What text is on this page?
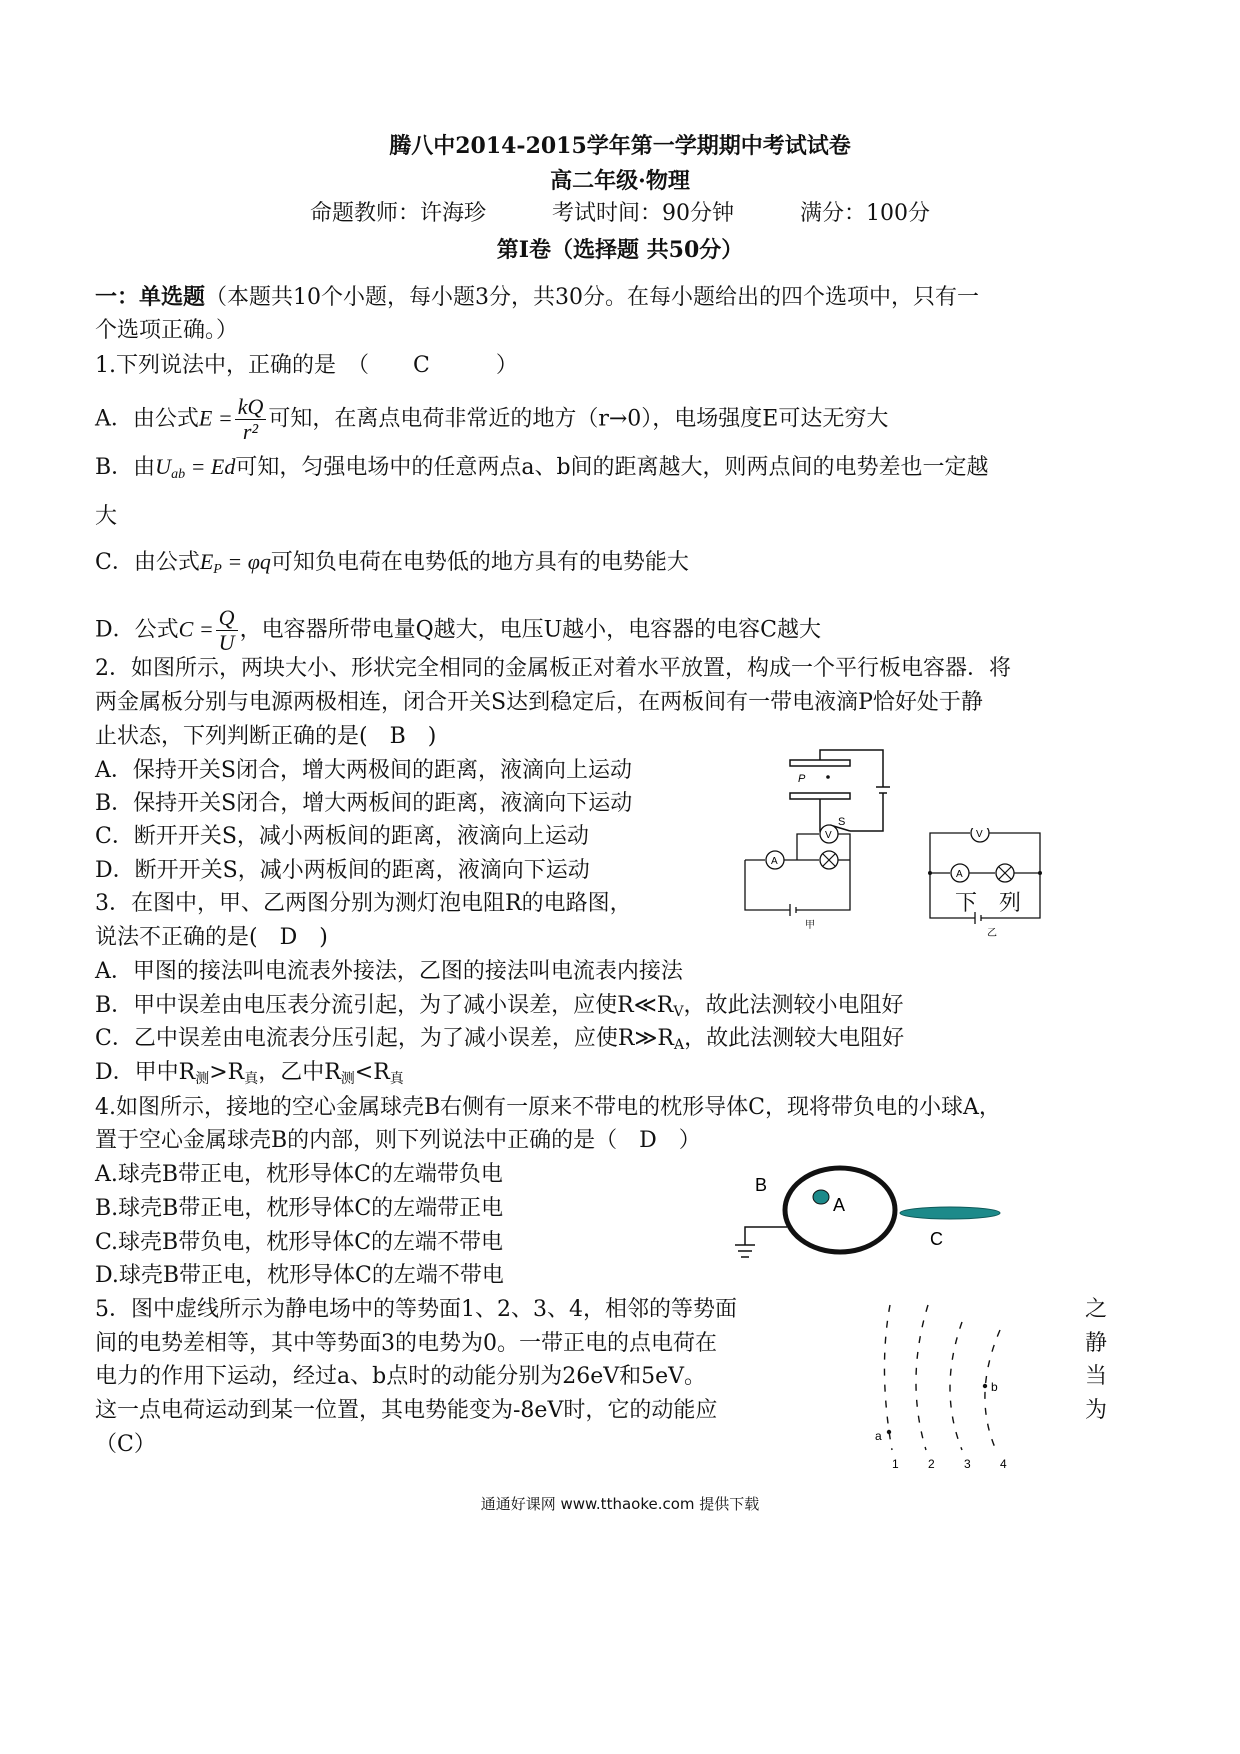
腾八中2014-2015学年第一学期期中考试试卷
高二年级·物理
命题教师：许海珍　　　考试时间：90分钟　　　满分：100分
第Ⅰ卷（选择题 共50分）
一：单选题（本题共10个小题，每小题3分，共30分。在每小题给出的四个选项中，只有一
个选项正确。）
1.下列说法中，正确的是　（　　C　　　）
A．由公式$E = \frac{kQ}{\text{r²}}$ 可知，在离点电荷非常近的地方（r→0），电场强度E可达无穷大
B．由$U_{ab} = Ed$可知，匀强电场中的任意两点a、b间的距离越大，则两点间的电势差也一定越
大
C．由公式$E_P = \varphi q$可知负电荷在电势低的地方具有的电势能大
D．公式$C = \frac{Q}{U}$ ，电容器所带电量Q越大，电压U越小，电容器的电容C越大
2．如图所示，两块大小、形状完全相同的金属板正对着水平放置，构成一个平行板电容器．将
两金属板分别与电源两极相连，闭合开关S达到稳定后，在两板间有一带电液滴P恰好处于静
止状态，下列判断正确的是(　B　)
A．保持开关S闭合，增大两极间的距离，液滴向上运动
B．保持开关S闭合，增大两板间的距离，液滴向下运动
C．断开开关S，减小两板间的距离，液滴向上运动
D．断开开关S，减小两板间的距离，液滴向下运动
P
S
3．在图中，甲、乙两图分别为测灯泡电阻R的电路图，	下　列
说法不正确的是(　D　)
A．甲图的接法叫电流表外接法，乙图的接法叫电流表内接法
B．甲中误差由电压表分流引起，为了减小误差，应使$R≪R_V$，故此法测较小电阻好
C．乙中误差由电流表分压引起，为了减小误差，应使$R≫R_A$，故此法测较大电阻好
D．甲中$R_测>R_真$，乙中$R_测<R_真$
A
V
甲
V
A
乙
4.如图所示，接地的空心金属球壳B右侧有一原来不带电的枕形导体C，现将带负电的小球A，
置于空心金属球壳B的内部，则下列说法中正确的是（　D　）
A.球壳B带正电，枕形导体C的左端带负电
B.球壳B带正电，枕形导体C的左端带正电
C.球壳B带负电，枕形导体C的左端不带电
D.球壳B带正电，枕形导体C的左端不带电
B
A
C
5．图中虚线所示为静电场中的等势面1、2、3、4，相邻的等势面	之
间的电势差相等，其中等势面3的电势为0。一带正电的点电荷在	静
电力的作用下运动，经过a、b点时的动能分别为26eV和5eV。	当
这一点电荷运动到某一位置，其电势能变为-8eV时，它的动能应	为
（C）	a
b
1 2 3 4
通通好课网 www.tthaoke.com 提供下载
